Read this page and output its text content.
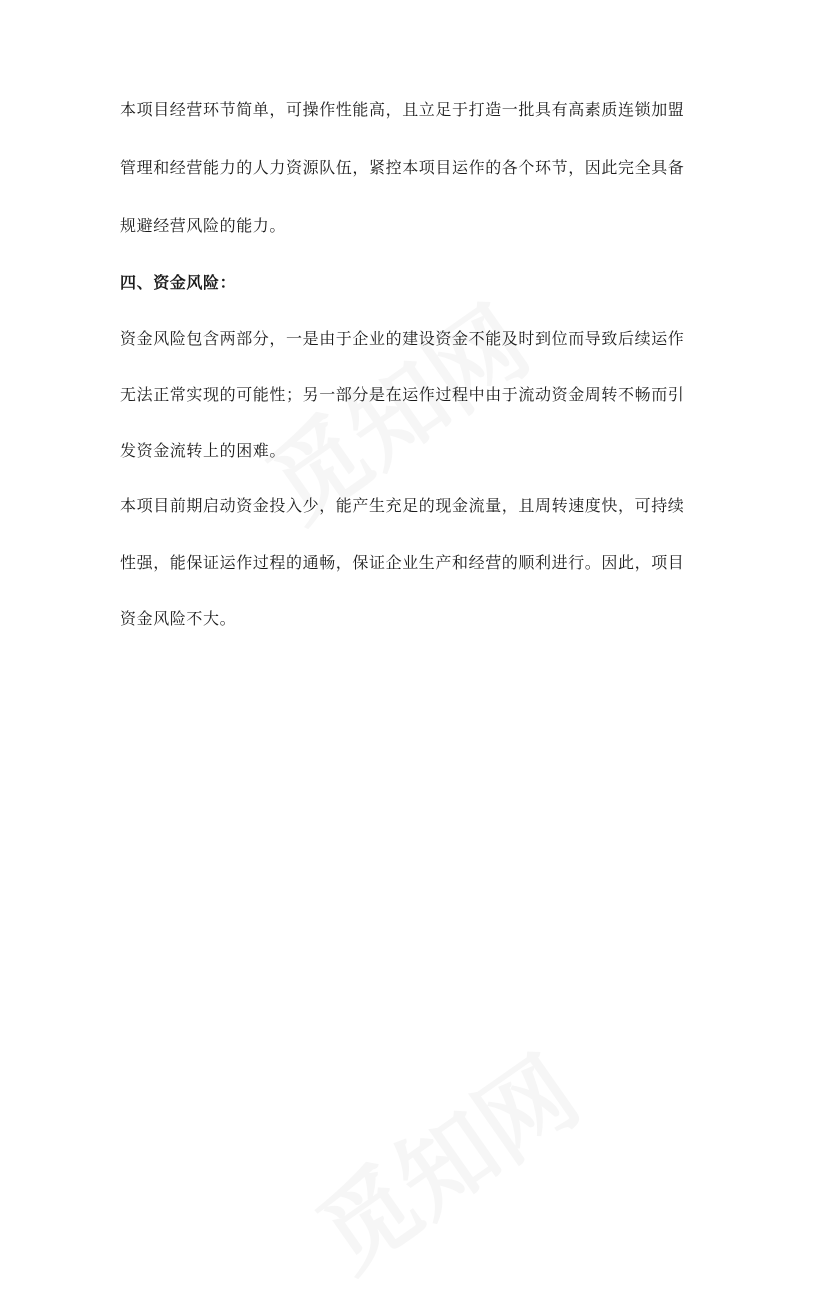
本项目经营环节简单，可操作性能高，且立足于打造一批具有高素质连锁加盟
管理和经营能力的人力资源队伍，紧控本项目运作的各个环节，因此完全具备
规避经营风险的能力。
四、资金风险：
资金风险包含两部分，一是由于企业的建设资金不能及时到位而导致后续运作
无法正常实现的可能性；另一部分是在运作过程中由于流动资金周转不畅而引
发资金流转上的困难。
本项目前期启动资金投入少，能产生充足的现金流量，且周转速度快，可持续
性强，能保证运作过程的通畅，保证企业生产和经营的顺利进行。因此，项目
资金风险不大。
